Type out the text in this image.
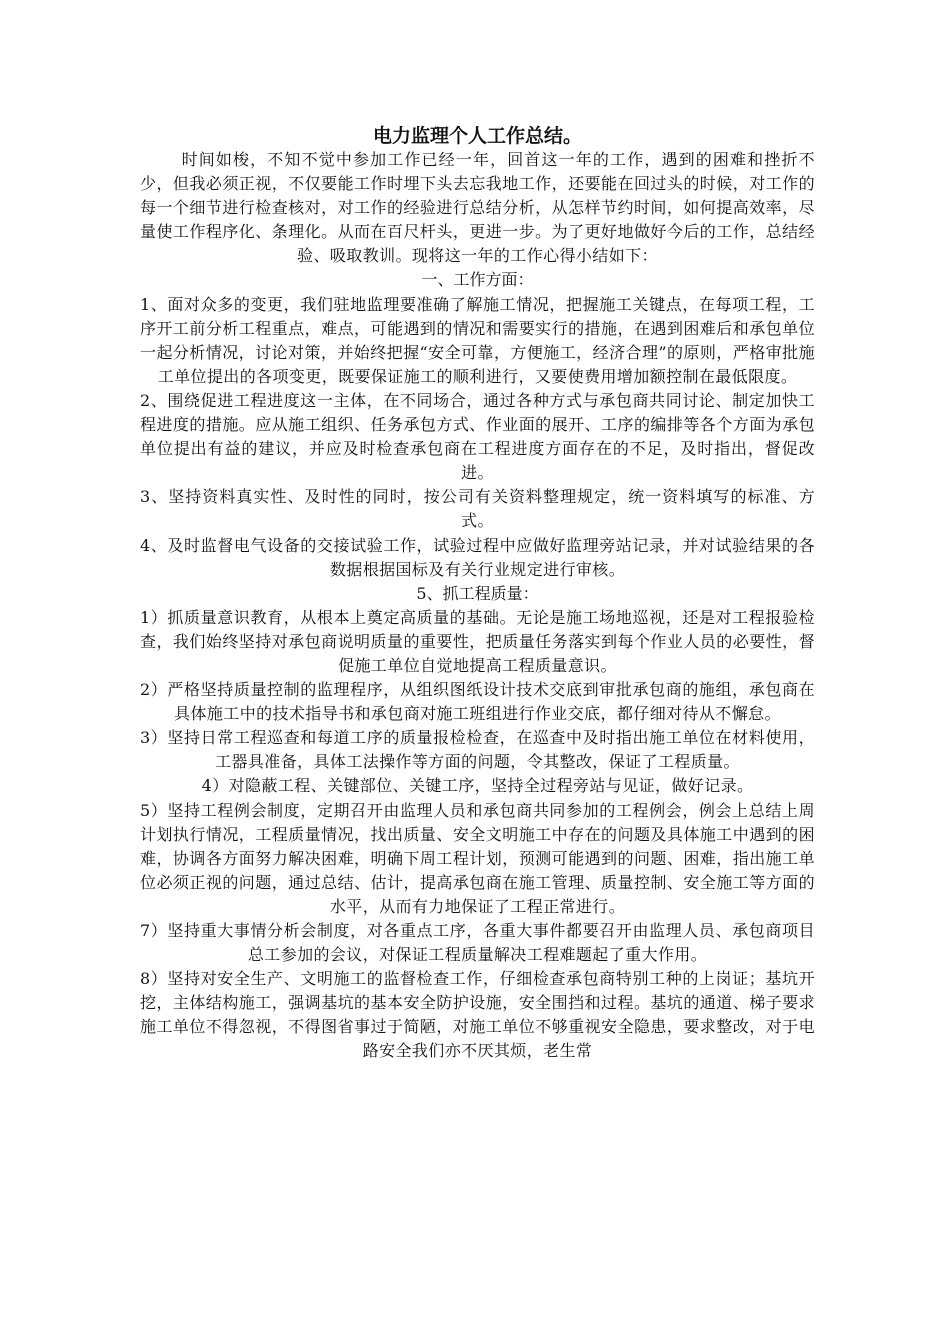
电力监理个人工作总结。

时间如梭，不知不觉中参加工作已经一年，回首这一年的工作，遇到的困难和挫折不少，但我必须正视，不仅要能工作时埋下头去忘我地工作，还要能在回过头的时候，对工作的每一个细节进行检查核对，对工作的经验进行总结分析，从怎样节约时间，如何提高效率，尽量使工作程序化、条理化。从而在百尺杆头，更进一步。为了更好地做好今后的工作，总结经验、吸取教训。现将这一年的工作心得小结如下：

一、工作方面：

1、面对众多的变更，我们驻地监理要准确了解施工情况，把握施工关键点，在每项工程，工序开工前分析工程重点，难点，可能遇到的情况和需要实行的措施，在遇到困难后和承包单位一起分析情况，讨论对策，并始终把握“安全可靠，方便施工，经济合理”的原则，严格审批施工单位提出的各项变更，既要保证施工的顺利进行，又要使费用增加额控制在最低限度。

2、围绕促进工程进度这一主体，在不同场合，通过各种方式与承包商共同讨论、制定加快工程进度的措施。应从施工组织、任务承包方式、作业面的展开、工序的编排等各个方面为承包单位提出有益的建议，并应及时检查承包商在工程进度方面存在的不足，及时指出，督促改进。

3、坚持资料真实性、及时性的同时，按公司有关资料整理规定，统一资料填写的标准、方式。

4、及时监督电气设备的交接试验工作，试验过程中应做好监理旁站记录，并对试验结果的各数据根据国标及有关行业规定进行审核。

5、抓工程质量：

1）抓质量意识教育，从根本上奠定高质量的基础。无论是施工场地巡视，还是对工程报验检查，我们始终坚持对承包商说明质量的重要性，把质量任务落实到每个作业人员的必要性，督促施工单位自觉地提高工程质量意识。

2）严格坚持质量控制的监理程序，从组织图纸设计技术交底到审批承包商的施组，承包商在具体施工中的技术指导书和承包商对施工班组进行作业交底，都仔细对待从不懈怠。

3）坚持日常工程巡查和每道工序的质量报检检查，在巡查中及时指出施工单位在材料使用，工器具准备，具体工法操作等方面的问题，令其整改，保证了工程质量。

4）对隐蔽工程、关键部位、关键工序，坚持全过程旁站与见证，做好记录。

5）坚持工程例会制度，定期召开由监理人员和承包商共同参加的工程例会，例会上总结上周计划执行情况，工程质量情况，找出质量、安全文明施工中存在的问题及具体施工中遇到的困难，协调各方面努力解决困难，明确下周工程计划，预测可能遇到的问题、困难，指出施工单位必须正视的问题，通过总结、估计，提高承包商在施工管理、质量控制、安全施工等方面的水平，从而有力地保证了工程正常进行。

7）坚持重大事情分析会制度，对各重点工序，各重大事件都要召开由监理人员、承包商项目总工参加的会议，对保证工程质量解决工程难题起了重大作用。

8）坚持对安全生产、文明施工的监督检查工作，仔细检查承包商特别工种的上岗证；基坑开挖，主体结构施工，强调基坑的基本安全防护设施，安全围挡和过程。基坑的通道、梯子要求施工单位不得忽视，不得图省事过于简陋，对施工单位不够重视安全隐患，要求整改，对于电路安全我们亦不厌其烦，老生常
